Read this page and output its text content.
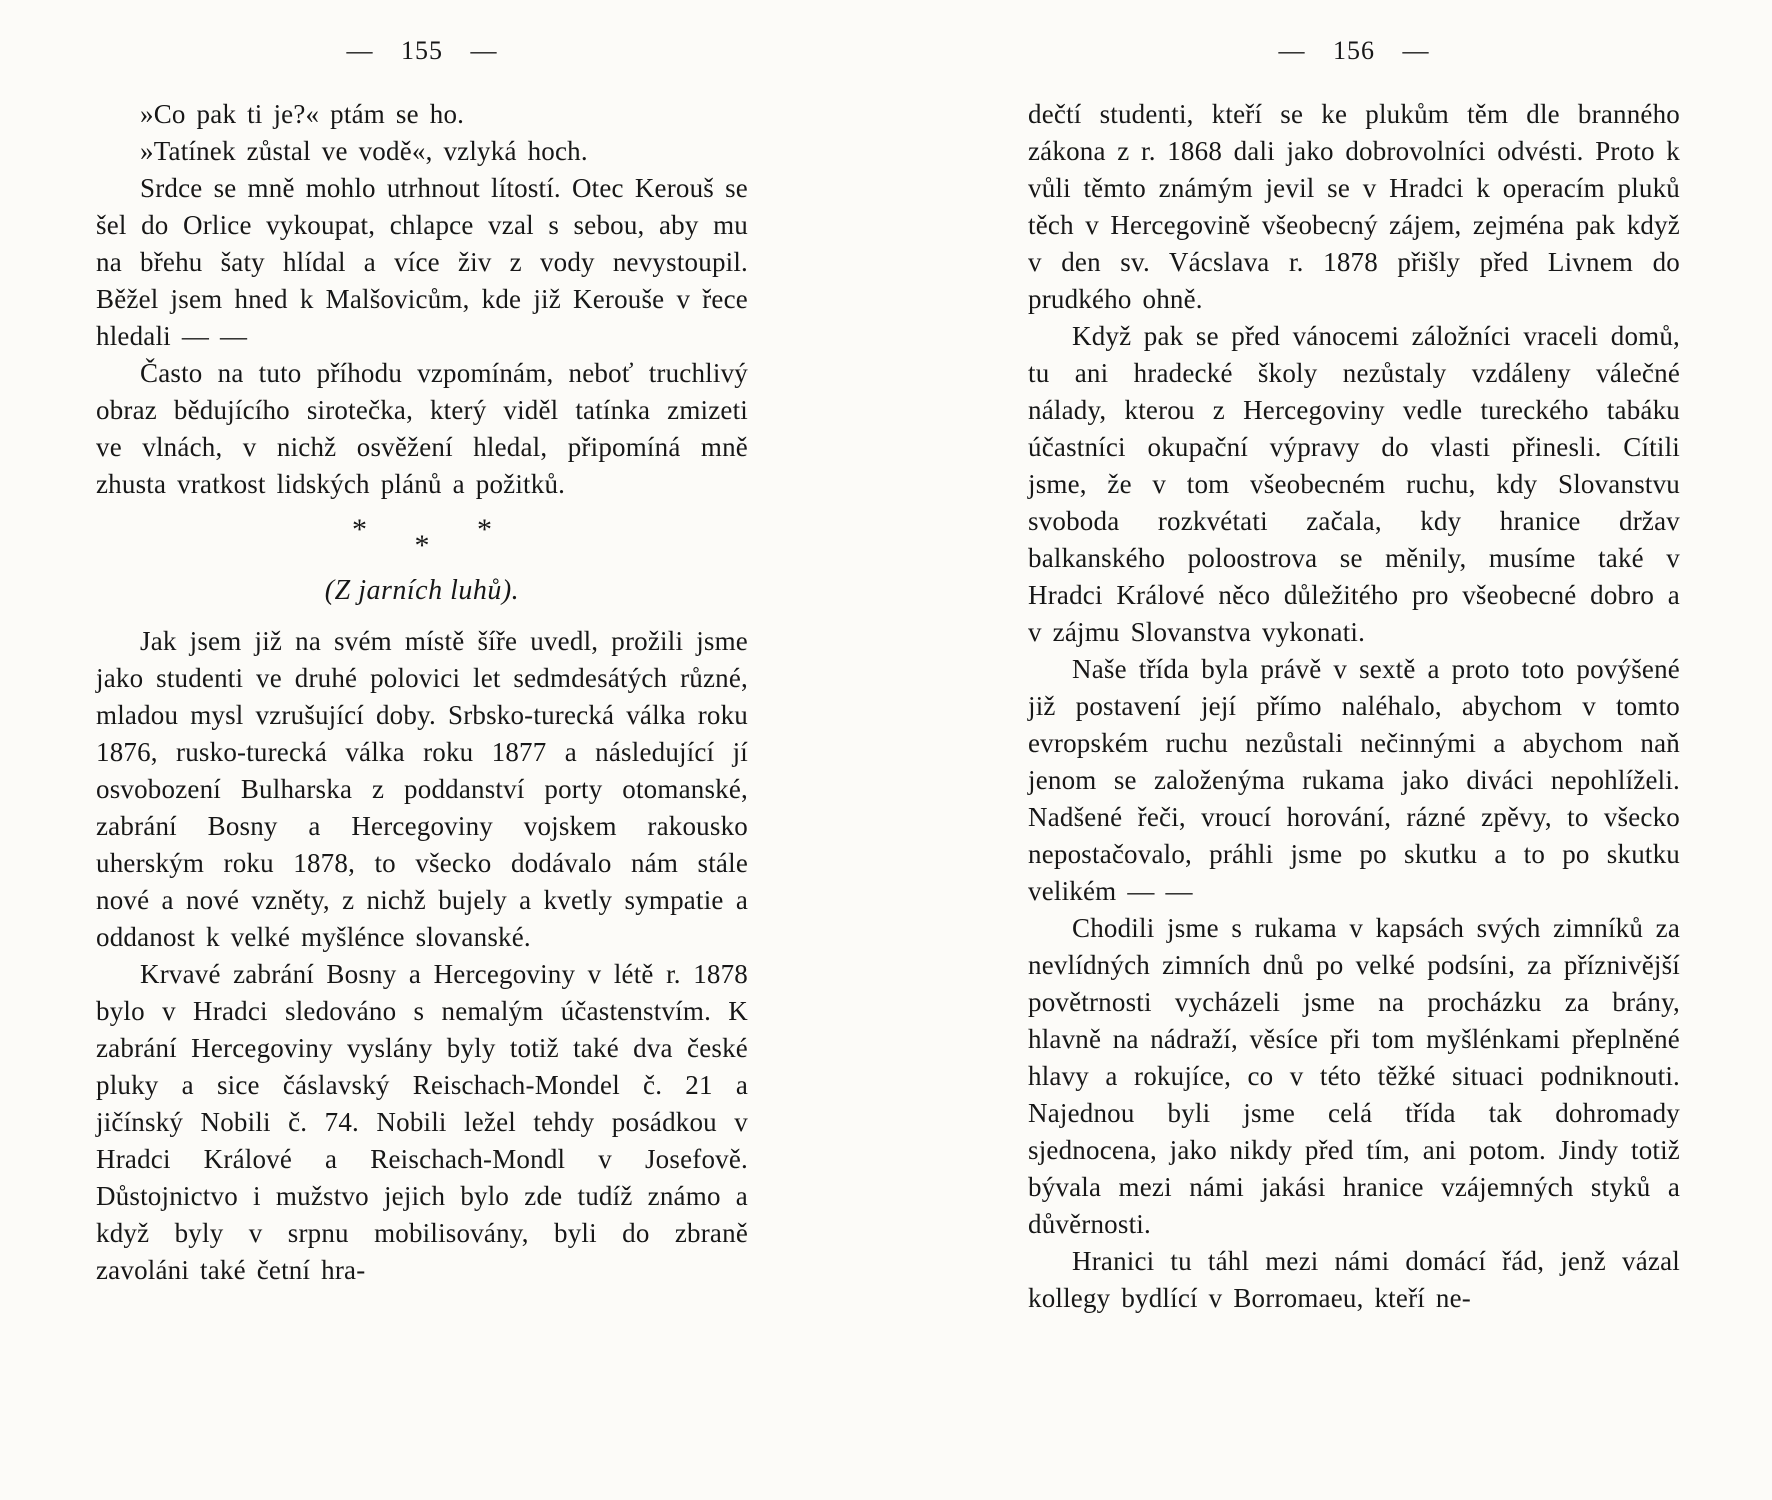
— 155 —

»Co pak ti je?« ptám se ho.

»Tatínek zůstal ve vodě«, vzlyká hoch.

Srdce se mně mohlo utrhnout lítostí. Otec Kerouš se šel do Orlice vykoupat, chlapce vzal s sebou, aby mu na břehu šaty hlídal a více živ z vody nevystoupil. Běžel jsem hned k Malšovicům, kde již Kerouše v řece hledali — —

Často na tuto příhodu vzpomínám, neboť truchlivý obraz bědujícího sirotečka, který viděl tatínka zmizeti ve vlnách, v nichž osvěžení hledal, připomíná mně zhusta vratkost lidských plánů a požitků.

* * *
(Z jarních luhů).

Jak jsem již na svém místě šíře uvedl, prožili jsme jako studenti ve druhé polovici let sedmdesátých různé, mladou mysl vzrušující doby. Srbsko-turecká válka roku 1876, rusko-turecká válka roku 1877 a následující jí osvobození Bulharska z poddanství porty otomanské, zabrání Bosny a Hercegoviny vojskem rakousko uherským roku 1878, to všecko dodávalo nám stále nové a nové vzněty, z nichž bujely a kvetly sympatie a oddanost k velké myšlénce slovanské.

Krvavé zabrání Bosny a Hercegoviny v létě r. 1878 bylo v Hradci sledováno s nemalým účastenstvím. K zabrání Hercegoviny vyslány byly totiž také dva české pluky a sice čáslavský Reischach-Mondel č. 21 a jičínský Nobili č. 74. Nobili ležel tehdy posádkou v Hradci Králové a Reischach-Mondl v Josefově. Důstojnictvo i mužstvo jejich bylo zde tudíž známo a když byly v srpnu mobilisovány, byli do zbraně zavoláni také četní hra-

— 156 —

dečtí studenti, kteří se ke plukům těm dle branného zákona z r. 1868 dali jako dobrovolníci odvésti. Proto k vůli těmto známým jevil se v Hradci k operacím pluků těch v Hercegovině všeobecný zájem, zejména pak když v den sv. Vácslava r. 1878 přišly před Livnem do prudkého ohně.

Když pak se před vánocemi záložníci vraceli domů, tu ani hradecké školy nezůstaly vzdáleny válečné nálady, kterou z Hercegoviny vedle tureckého tabáku účastníci okupační výpravy do vlasti přinesli. Cítili jsme, že v tom všeobecném ruchu, kdy Slovanstvu svoboda rozkvétati začala, kdy hranice držav balkanského poloostrova se měnily, musíme také v Hradci Králové něco důležitého pro všeobecné dobro a v zájmu Slovanstva vykonati.

Naše třída byla právě v sextě a proto toto povýšené již postavení její přímo naléhalo, abychom v tomto evropském ruchu nezůstali nečinnými a abychom naň jenom se založenýma rukama jako diváci nepohlíželi. Nadšené řeči, vroucí horování, rázné zpěvy, to všecko nepostačovalo, práhli jsme po skutku a to po skutku velikém — —

Chodili jsme s rukama v kapsách svých zimníků za nevlídných zimních dnů po velké podsíni, za příznivější povětrnosti vycházeli jsme na procházku za brány, hlavně na nádraží, věsíce při tom myšlénkami přeplněné hlavy a rokujíce, co v této těžké situaci podniknouti. Najednou byli jsme celá třída tak dohromady sjednocena, jako nikdy před tím, ani potom. Jindy totiž bývala mezi námi jakási hranice vzájemných styků a důvěrnosti.

Hranici tu táhl mezi námi domácí řád, jenž vázal kollegy bydlící v Borromaeu, kteří ne-
